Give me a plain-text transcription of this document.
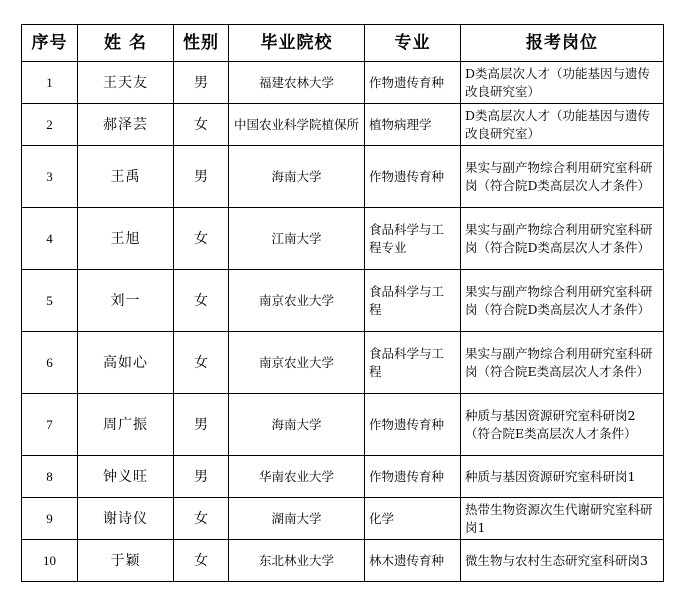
序号	姓 名	性别	毕业院校	专业	报考岗位
1	王天友	男	福建农林大学	作物遗传育种	D类高层次人才（功能基因与遗传改良研究室）
2	郝泽芸	女	中国农业科学院植保所	植物病理学	D类高层次人才（功能基因与遗传改良研究室）
3	王禹	男	海南大学	作物遗传育种	果实与副产物综合利用研究室科研岗（符合院D类高层次人才条件）
4	王旭	女	江南大学	食品科学与工程专业	果实与副产物综合利用研究室科研岗（符合院D类高层次人才条件）
5	刘一	女	南京农业大学	食品科学与工程	果实与副产物综合利用研究室科研岗（符合院D类高层次人才条件）
6	高如心	女	南京农业大学	食品科学与工程	果实与副产物综合利用研究室科研岗（符合院E类高层次人才条件）
7	周广振	男	海南大学	作物遗传育种	种质与基因资源研究室科研岗2（符合院E类高层次人才条件）
8	钟义旺	男	华南农业大学	作物遗传育种	种质与基因资源研究室科研岗1
9	谢诗仪	女	湖南大学	化学	热带生物资源次生代谢研究室科研岗1
10	于颖	女	东北林业大学	林木遗传育种	微生物与农村生态研究室科研岗3
